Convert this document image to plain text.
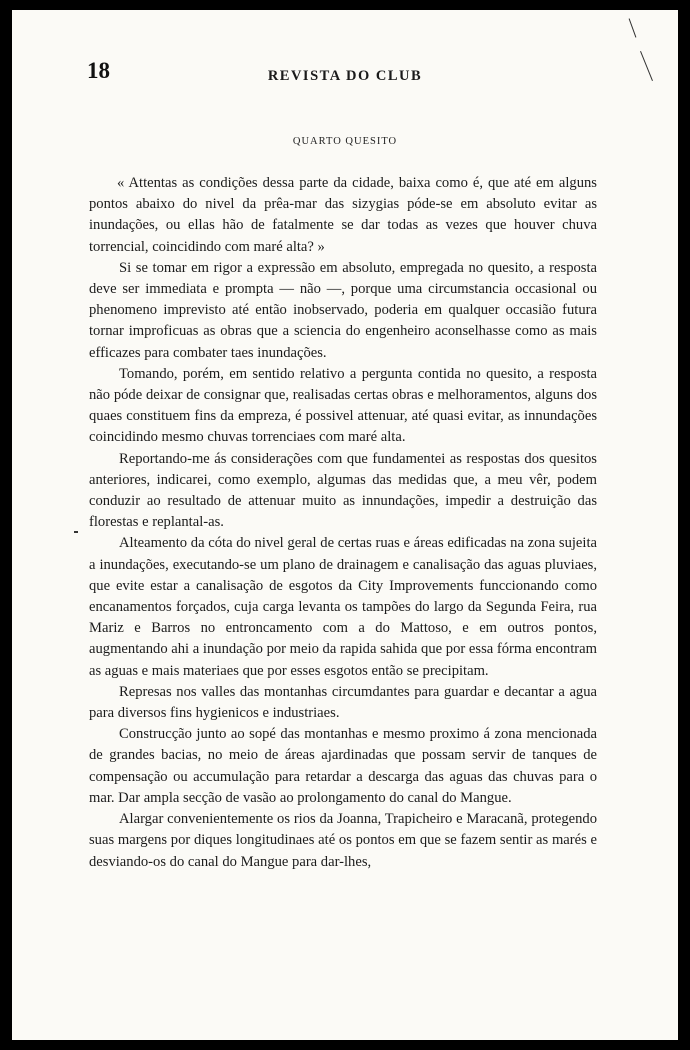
18	REVISTA DO CLUB
QUARTO QUESITO

« Attentas as condições dessa parte da cidade, baixa como é, que até em alguns pontos abaixo do nivel da prêa-mar das sizygias póde-se em absoluto evitar as inundações, ou ellas hão de fatalmente se dar todas as vezes que houver chuva torrencial, coincidindo com maré alta? »

Si se tomar em rigor a expressão em absoluto, empregada no quesito, a resposta deve ser immediata e prompta — não —, porque uma circumstancia occasional ou phenomeno imprevisto até então inobservado, poderia em qualquer occasião futura tornar improficuas as obras que a sciencia do engenheiro aconselhasse como as mais efficazes para combater taes inundações.

Tomando, porém, em sentido relativo a pergunta contida no quesito, a resposta não póde deixar de consignar que, realisadas certas obras e melhoramentos, alguns dos quaes constituem fins da empreza, é possivel attenuar, até quasi evitar, as innundações coincidindo mesmo chuvas torrenciaes com maré alta.

Reportando-me ás considerações com que fundamentei as respostas dos quesitos anteriores, indicarei, como exemplo, algumas das medidas que, a meu vêr, podem conduzir ao resultado de attenuar muito as innundações, impedir a destruição das florestas e replantal-as.

Alteamento da cóta do nivel geral de certas ruas e áreas edificadas na zona sujeita a inundações, executando-se um plano de drainagem e canalisação das aguas pluviaes, que evite estar a canalisação de esgotos da City Improvements funccionando como encanamentos forçados, cuja carga levanta os tampões do largo da Segunda Feira, rua Mariz e Barros no entroncamento com a do Mattoso, e em outros pontos, augmentando ahi a inundação por meio da rapida sahida que por essa fórma encontram as aguas e mais materiaes que por esses esgotos então se precipitam.

Represas nos valles das montanhas circumdantes para guardar e decantar a agua para diversos fins hygienicos e industriaes.

Construcção junto ao sopé das montanhas e mesmo proximo á zona mencionada de grandes bacias, no meio de áreas ajardinadas que possam servir de tanques de compensação ou accumulação para retardar a descarga das aguas das chuvas para o mar. Dar ampla secção de vasão ao prolongamento do canal do Mangue.

Alargar convenientemente os rios da Joanna, Trapicheiro e Maracanã, protegendo suas margens por diques longitudinaes até os pontos em que se fazem sentir as marés e desviando-os do canal do Mangue para dar-lhes,
